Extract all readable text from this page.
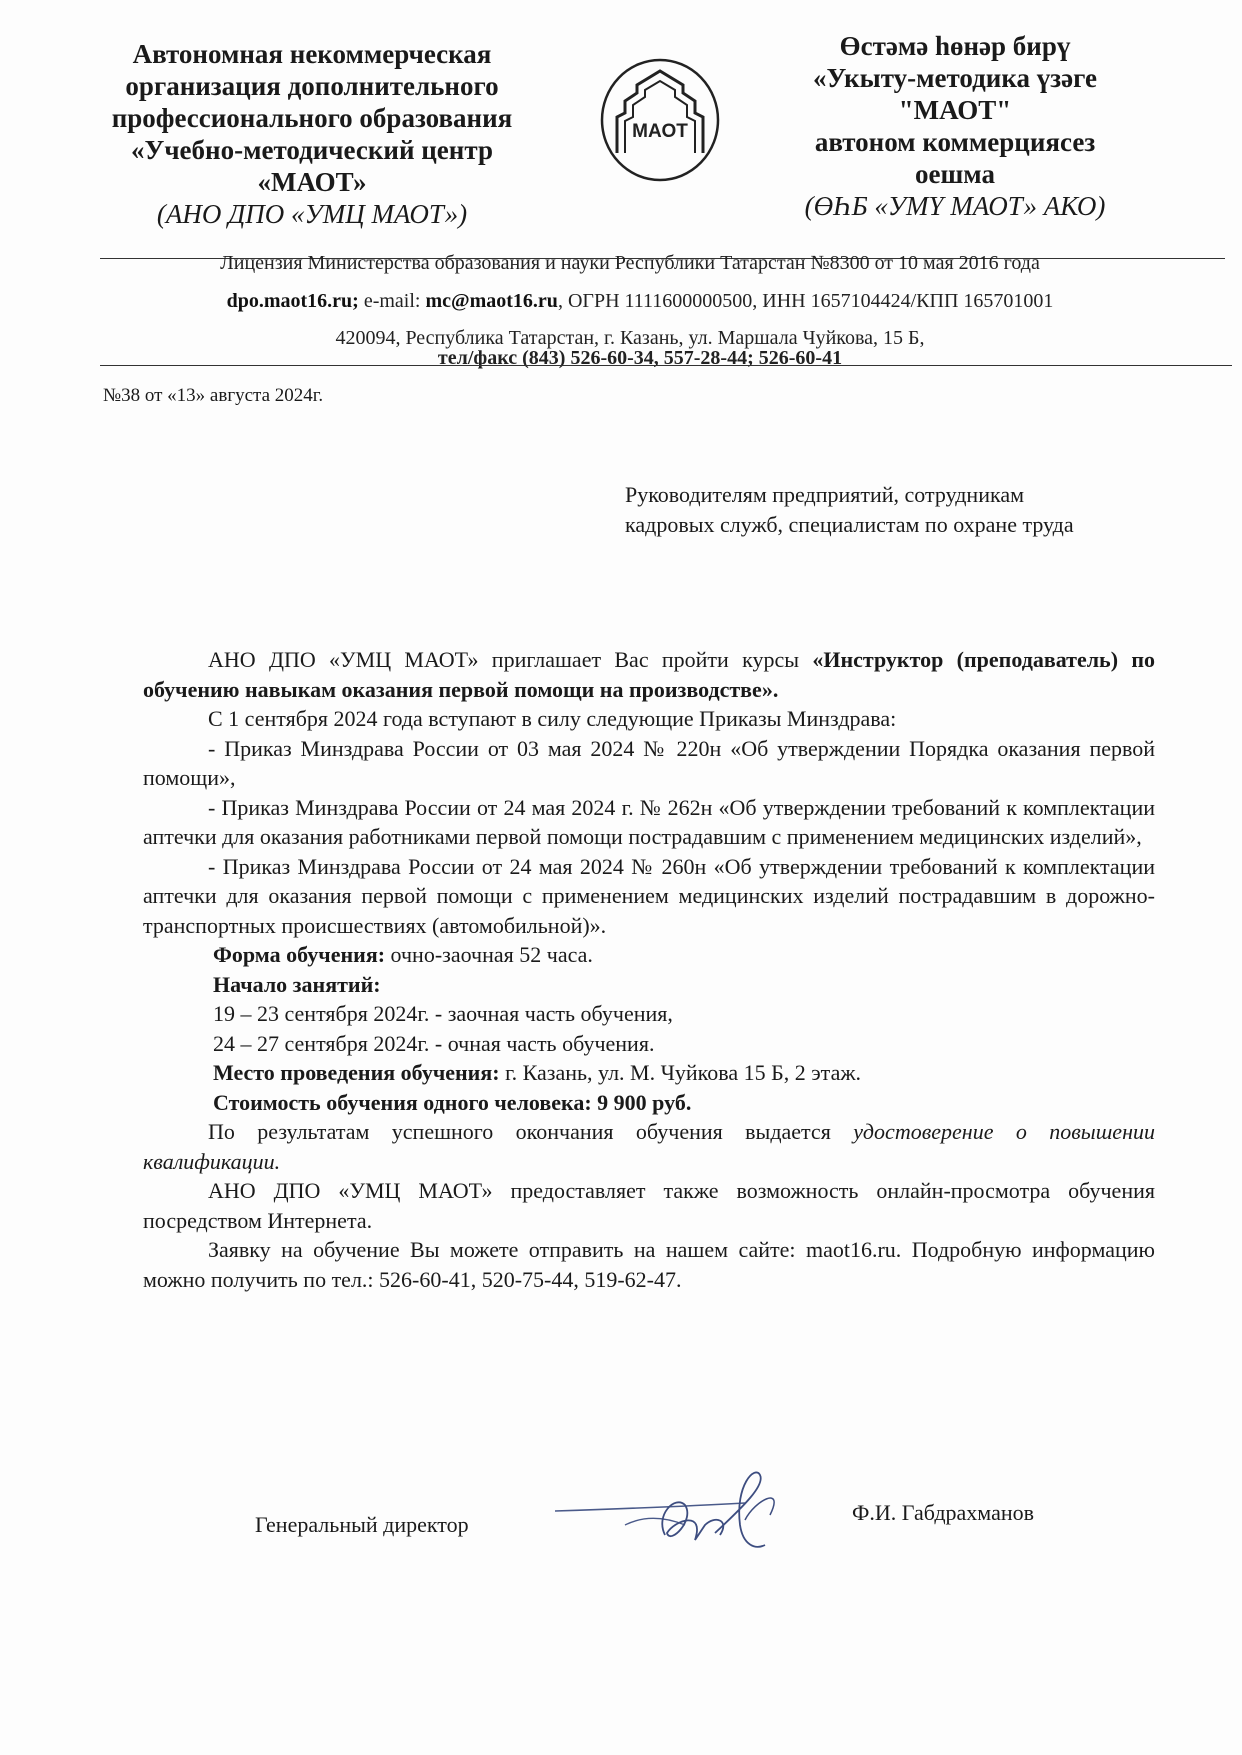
Автономная некоммерческая
организация дополнительного
профессионального образования
«Учебно-методический центр
«МАОТ»
(АНО ДПО «УМЦ МАОТ»)
МАОТ
Өстәмә һөнәр бирү
«Укыту-методика үзәге
"МАОТ"
автоном коммерциясез
оешма
(ӨҺБ «УМҮ МАОТ» АКО)
Лицензия Министерства образования и науки Республики Татарстан №8300 от 10 мая 2016 года
dpo.maot16.ru; e-mail: mc@maot16.ru, ОГРН 1111600000500, ИНН 1657104424/КПП 165701001
420094, Республика Татарстан, г. Казань, ул. Маршала Чуйкова, 15 Б,
тел/факс (843) 526-60-34, 557-28-44; 526-60-41
№38 от «13» августа 2024г.
Руководителям предприятий, сотрудникам кадровых служб, специалистам по охране труда

АНО ДПО «УМЦ МАОТ» приглашает Вас пройти курсы «Инструктор (преподаватель) по обучению навыкам оказания первой помощи на производстве».

С 1 сентября 2024 года вступают в силу следующие Приказы Минздрава:

- Приказ Минздрава России от 03 мая 2024 № 220н «Об утверждении Порядка оказания первой помощи»,

- Приказ Минздрава России от 24 мая 2024 г. № 262н «Об утверждении требований к комплектации аптечки для оказания работниками первой помощи пострадавшим с применением медицинских изделий»,

- Приказ Минздрава России от 24 мая 2024 № 260н «Об утверждении требований к комплектации аптечки для оказания первой помощи с применением медицинских изделий пострадавшим в дорожно-транспортных происшествиях (автомобильной)».

Форма обучения: очно-заочная 52 часа.

Начало занятий:

19 – 23 сентября 2024г. - заочная часть обучения,

24 – 27 сентября 2024г. - очная часть обучения.

Место проведения обучения: г. Казань, ул. М. Чуйкова 15 Б, 2 этаж.

Стоимость обучения одного человека: 9 900 руб.

По результатам успешного окончания обучения выдается удостоверение о повышении квалификации.

АНО ДПО «УМЦ МАОТ» предоставляет также возможность онлайн-просмотра обучения посредством Интернета.

Заявку на обучение Вы можете отправить на нашем сайте: maot16.ru. Подробную информацию можно получить по тел.: 526-60-41, 520-75-44, 519-62-47.

Генеральный директор	Ф.И. Габдрахманов
